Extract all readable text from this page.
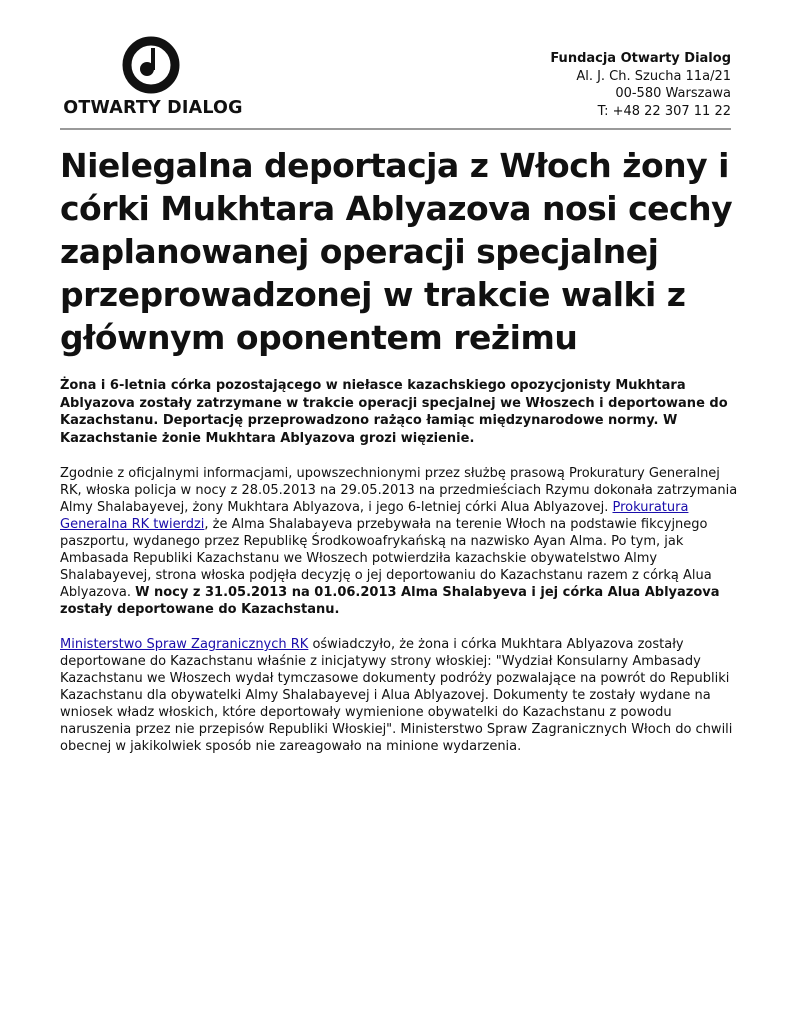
OTWARTY DIALOG
Fundacja Otwarty Dialog
Al. J. Ch. Szucha 11a/21
00-580 Warszawa
T: +48 22 307 11 22
Nielegalna deportacja z Włoch żony i córki Mukhtara Ablyazova nosi cechy zaplanowanej operacji specjalnej przeprowadzonej w trakcie walki z głównym oponentem reżimu

Żona i 6-letnia córka pozostającego w niełasce kazachskiego opozycjonisty Mukhtara Ablyazova zostały zatrzymane w trakcie operacji specjalnej we Włoszech i deportowane do Kazachstanu. Deportację przeprowadzono rażąco łamiąc międzynarodowe normy. W Kazachstanie żonie Mukhtara Ablyazova grozi więzienie.

Zgodnie z oficjalnymi informacjami, upowszechnionymi przez służbę prasową Prokuratury Generalnej RK, włoska policja w nocy z 28.05.2013 na 29.05.2013 na przedmieściach Rzymu dokonała zatrzymania Almy Shalabayevej, żony Mukhtara Ablyazova, i jego 6-letniej córki Alua Ablyazovej. Prokuratura Generalna RK twierdzi, że Alma Shalabayeva przebywała na terenie Włoch na podstawie fikcyjnego paszportu, wydanego przez Republikę Środkowoafrykańską na nazwisko Ayan Alma. Po tym, jak Ambasada Republiki Kazachstanu we Włoszech potwierdziła kazachskie obywatelstwo Almy Shalabayevej, strona włoska podjęła decyzję o jej deportowaniu do Kazachstanu razem z córką Alua Ablyazova. W nocy z 31.05.2013 na 01.06.2013 Alma Shalabyeva i jej córka Alua Ablyazova zostały deportowane do Kazachstanu.

Ministerstwo Spraw Zagranicznych RK oświadczyło, że żona i córka Mukhtara Ablyazova zostały deportowane do Kazachstanu właśnie z inicjatywy strony włoskiej: "Wydział Konsularny Ambasady Kazachstanu we Włoszech wydał tymczasowe dokumenty podróży pozwalające na powrót do Republiki Kazachstanu dla obywatelki Almy Shalabayevej i Alua Ablyazovej. Dokumenty te zostały wydane na wniosek władz włoskich, które deportowały wymienione obywatelki do Kazachstanu z powodu naruszenia przez nie przepisów Republiki Włoskiej". Ministerstwo Spraw Zagranicznych Włoch do chwili obecnej w jakikolwiek sposób nie zareagowało na minione wydarzenia.
